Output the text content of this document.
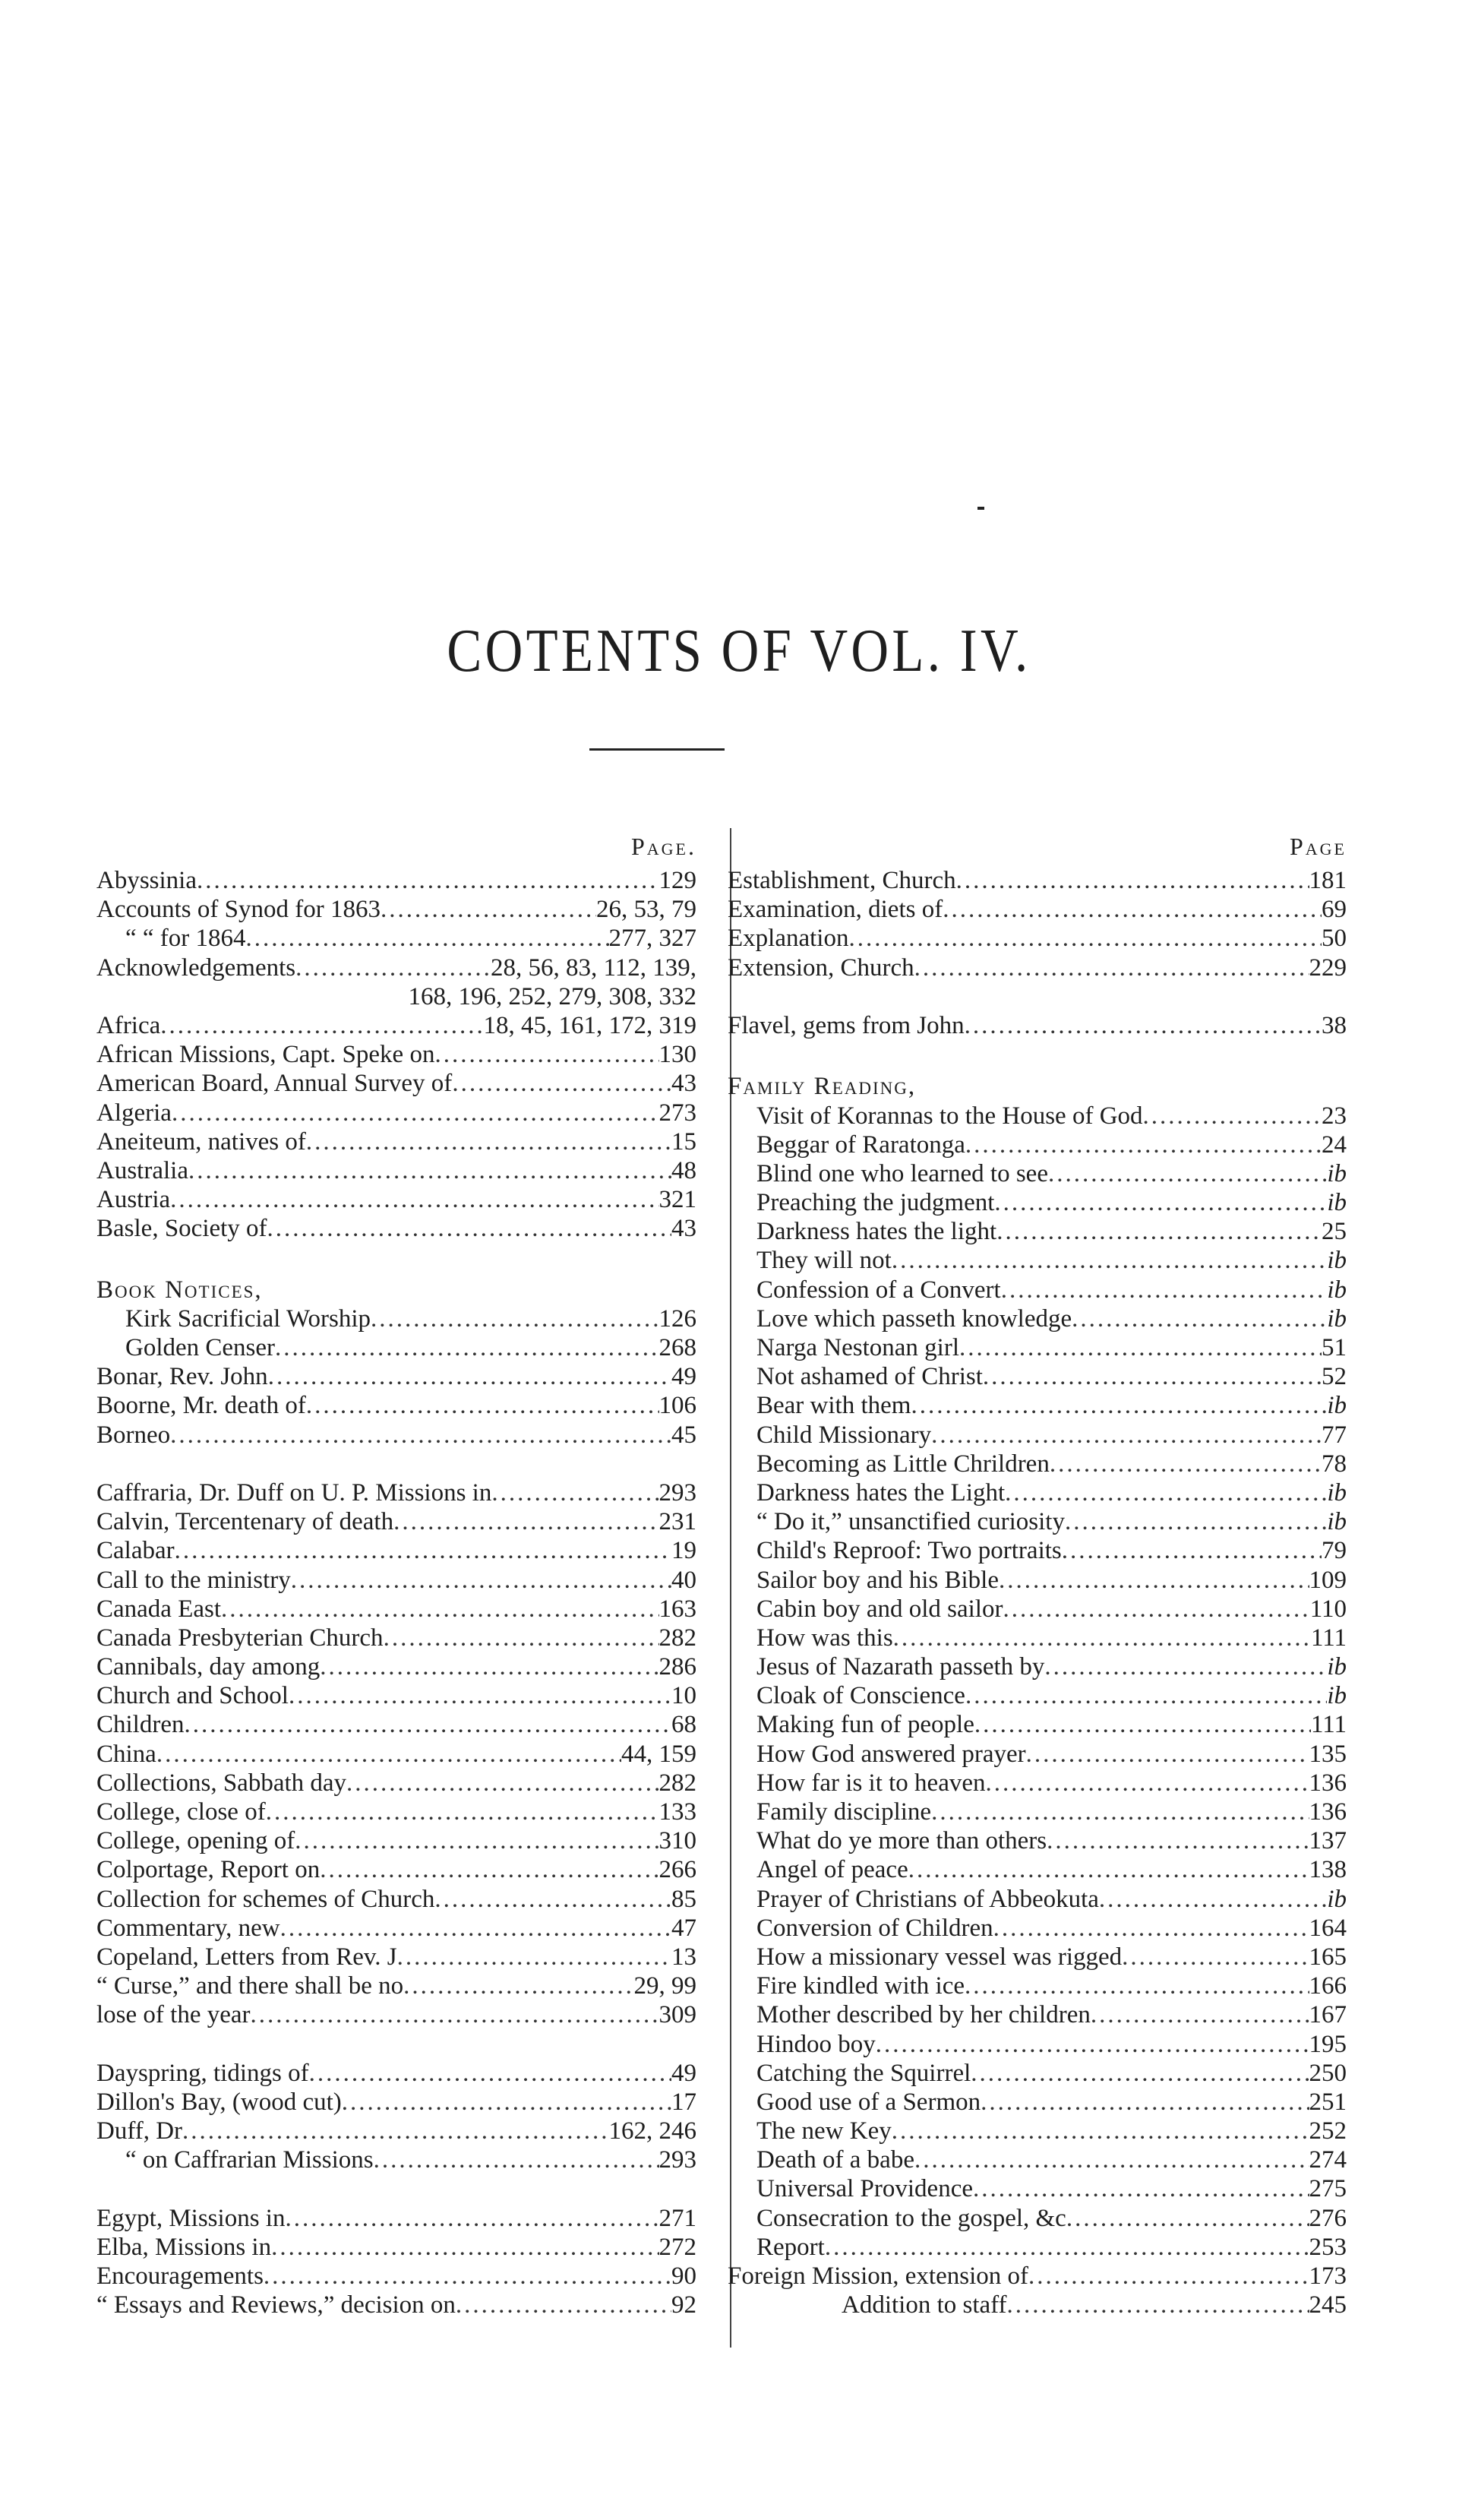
COTENTS OF VOL. IV.
Page.
Abyssinia .....	129
Accounts of Synod for 1863 .....	26, 53, 79
“ “ for 1864 .....	277, 327
Acknowledgements .....	28, 56, 83, 112, 139,
168, 196, 252, 279, 308, 332
Africa .....	18, 45, 161, 172, 319
African Missions, Capt. Speke on .....	130
American Board, Annual Survey of .....	43
Algeria .....	273
Aneiteum, natives of .....	15
Australia .....	48
Austria .....	321
Basle, Society of .....	43
Book Notices,
Kirk Sacrificial Worship .....	126
Golden Censer .....	268
Bonar, Rev. John .....	49
Boorne, Mr. death of .....	106
Borneo .....	45
Caffraria, Dr. Duff on U. P. Missions in .....	293
Calvin, Tercentenary of death .....	231
Calabar .....	19
Call to the ministry .....	40
Canada East .....	163
Canada Presbyterian Church .....	282
Cannibals, day among .....	286
Church and School .....	10
Children .....	68
China .....	44, 159
Collections, Sabbath day .....	282
College, close of .....	133
College, opening of .....	310
Colportage, Report on .....	266
Collection for schemes of Church .....	85
Commentary, new .....	47
Copeland, Letters from Rev. J .....	13
“ Curse,” and there shall be no .....	29, 99
lose of the year .....	309
Dayspring, tidings of .....	49
Dillon's Bay, (wood cut) .....	17
Duff, Dr .....	162, 246
“ on Caffrarian Missions .....	293
Egypt, Missions in .....	271
Elba, Missions in .....	272
Encouragements .....	90
“ Essays and Reviews,” decision on .....	92
Page
Establishment, Church .....	181
Examination, diets of .....	69
Explanation .....	50
Extension, Church .....	229
Flavel, gems from John .....	38
Family Reading,
Visit of Korannas to the House of God .....	23
Beggar of Raratonga .....	24
Blind one who learned to see .....	ib
Preaching the judgment .....	ib
Darkness hates the light .....	25
They will not .....	ib
Confession of a Convert .....	ib
Love which passeth knowledge .....	ib
Narga Nestonan girl .....	51
Not ashamed of Christ .....	52
Bear with them .....	ib
Child Missionary .....	77
Becoming as Little Chrildren .....	78
Darkness hates the Light .....	ib
“ Do it,” unsanctified curiosity .....	ib
Child's Reproof: Two portraits .....	79
Sailor boy and his Bible .....	109
Cabin boy and old sailor .....	110
How was this .....	111
Jesus of Nazarath passeth by .....	ib
Cloak of Conscience .....	ib
Making fun of people .....	111
How God answered prayer .....	135
How far is it to heaven .....	136
Family discipline .....	136
What do ye more than others .....	137
Angel of peace .....	138
Prayer of Christians of Abbeokuta .....	ib
Conversion of Children .....	164
How a missionary vessel was rigged .....	165
Fire kindled with ice .....	166
Mother described by her children .....	167
Hindoo boy .....	195
Catching the Squirrel .....	250
Good use of a Sermon .....	251
The new Key .....	252
Death of a babe .....	274
Universal Providence .....	275
Consecration to the gospel, &c .....	276
Report .....	253
Foreign Mission, extension of .....	173
Addition to staff .....	245
